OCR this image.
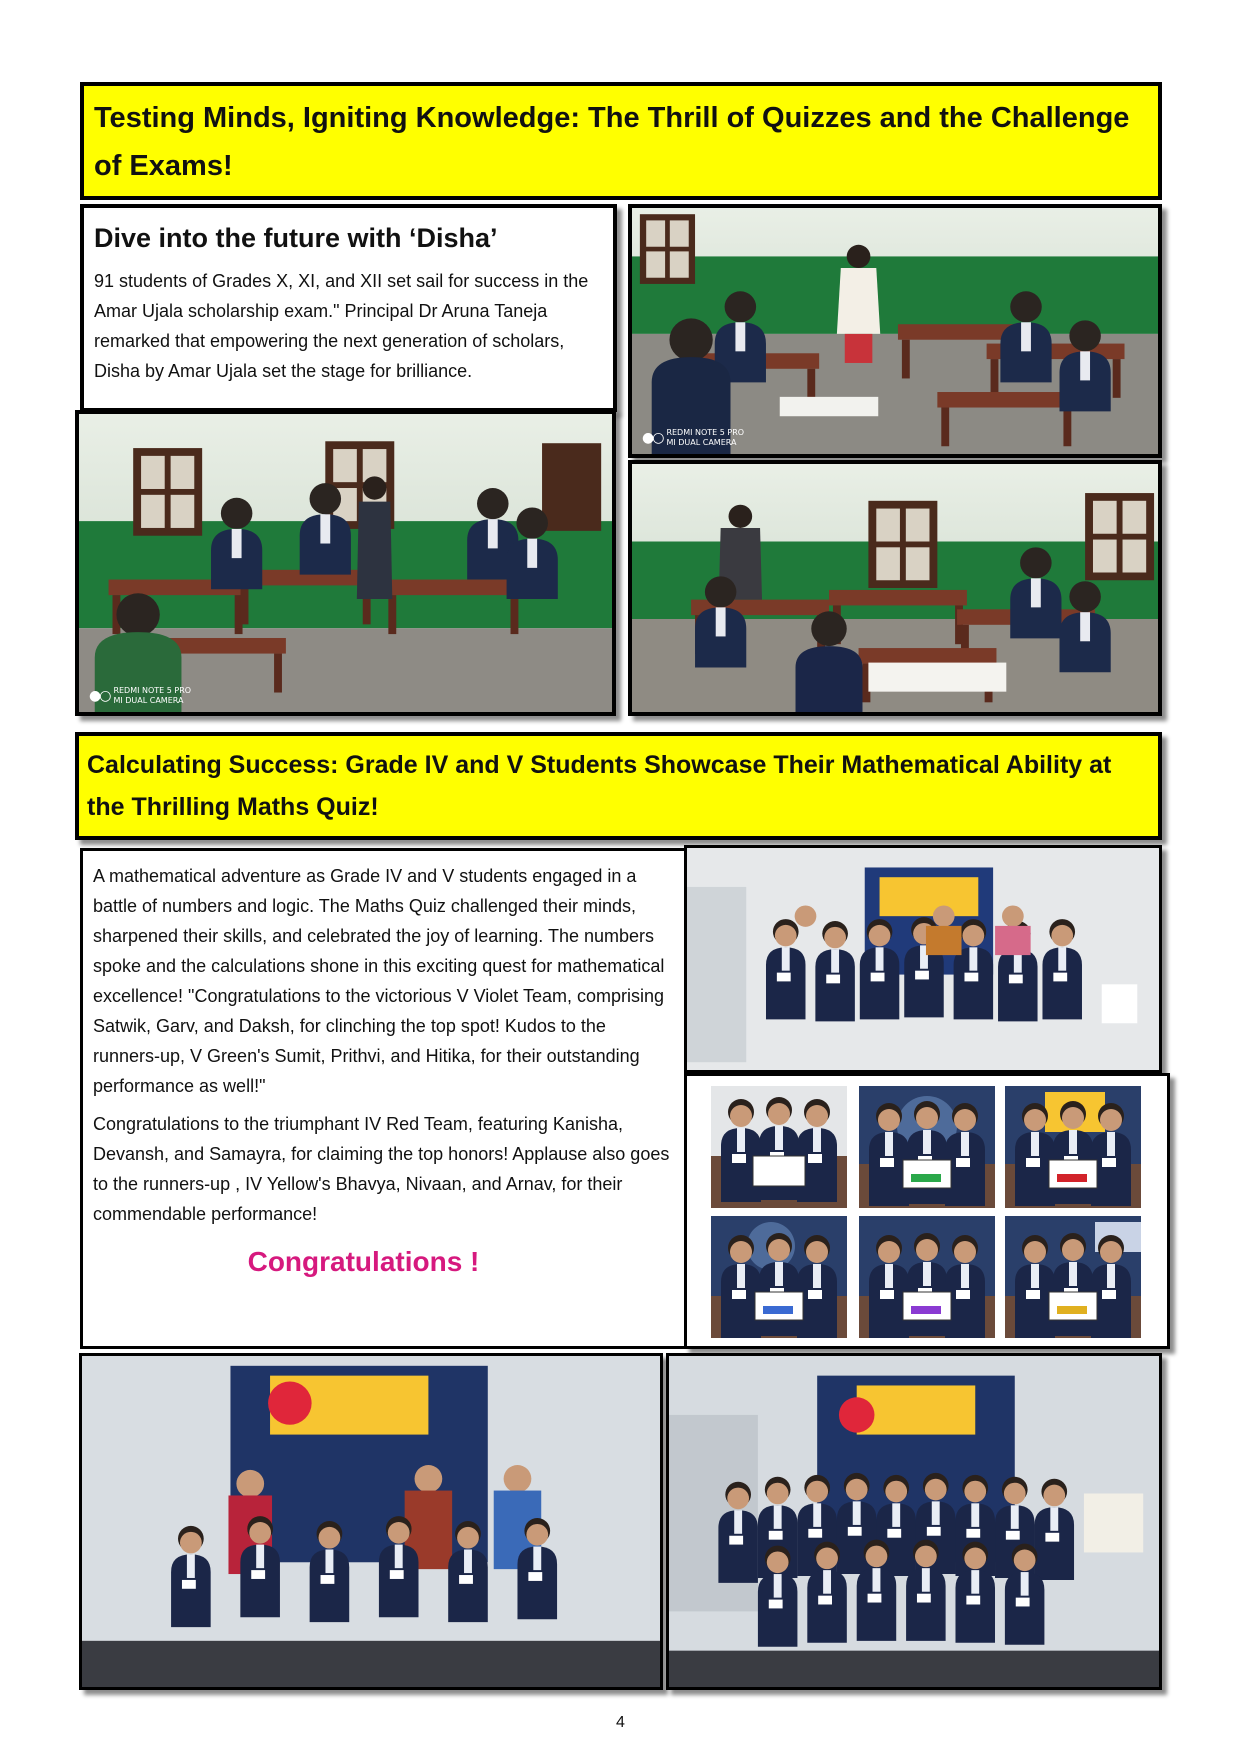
Testing Minds, Igniting Knowledge: The Thrill of Quizzes and the Challenge of Exams!
Dive into the future with ‘Disha’
91 students of Grades X, XI, and XII set sail for success in the Amar Ujala scholarship exam." Principal Dr Aruna Taneja remarked that empowering the next generation of scholars, Disha by Amar Ujala set the stage for brilliance.
●○ REDMI NOTE 5 PRO
MI DUAL CAMERA
●○ REDMI NOTE 5 PRO
MI DUAL CAMERA
Calculating Success: Grade IV and V Students Showcase Their Mathematical Ability at the Thrilling Maths Quiz!

A mathematical adventure as Grade IV and V students engaged in a battle of numbers and logic. The Maths Quiz challenged their minds, sharpened their skills, and celebrated the joy of learning. The numbers spoke and the calculations shone in this exciting quest for mathematical excellence! "Congratulations to the victorious V Violet Team, comprising Satwik, Garv, and Daksh, for clinching the top spot! Kudos to the runners-up, V Green's Sumit, Prithvi, and Hitika, for their outstanding performance as well!"

Congratulations to the triumphant IV Red Team, featuring Kanisha, Devansh, and Samayra, for claiming the top honors! Applause also goes to the runners-up , IV Yellow's Bhavya, Nivaan, and Arnav, for their commendable performance!

Congratulations !
4
